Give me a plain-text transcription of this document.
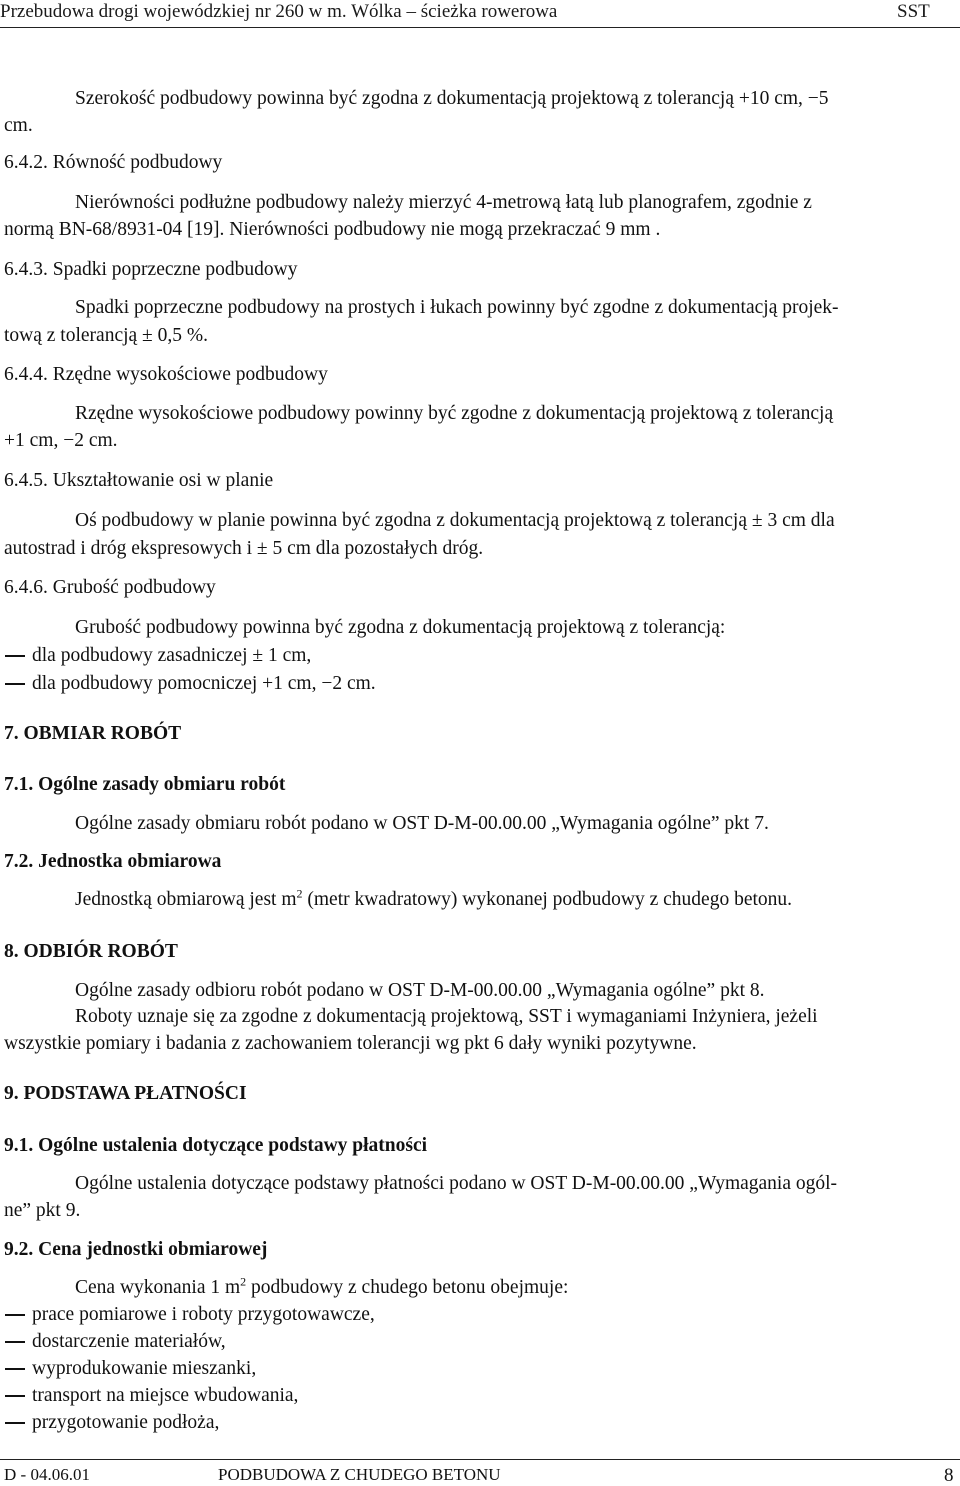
Przebudowa drogi wojewódzkiej nr 260 w m. Wólka – ścieżka rowerowa	SST
Szerokość podbudowy powinna być zgodna z dokumentacją projektową z tolerancją +10 cm, −5
cm.
6.4.2. Równość podbudowy
Nierówności podłużne podbudowy należy mierzyć 4-metrową łatą lub planografem, zgodnie z
normą BN-68/8931-04 [19]. Nierówności podbudowy nie mogą przekraczać 9 mm .
6.4.3. Spadki poprzeczne podbudowy
Spadki poprzeczne podbudowy na prostych i łukach powinny być zgodne z dokumentacją projek-
tową z tolerancją ± 0,5 %.
6.4.4. Rzędne wysokościowe podbudowy
Rzędne wysokościowe podbudowy powinny być zgodne z dokumentacją projektową z tolerancją
+1 cm, −2 cm.
6.4.5. Ukształtowanie osi w planie
Oś podbudowy w planie powinna być zgodna z dokumentacją projektową z tolerancją ± 3 cm dla
autostrad i dróg ekspresowych i ± 5 cm dla pozostałych dróg.
6.4.6. Grubość podbudowy
Grubość podbudowy powinna być zgodna z dokumentacją projektową z tolerancją:
dla podbudowy zasadniczej ± 1 cm,
dla podbudowy pomocniczej +1 cm, −2 cm.
7. OBMIAR ROBÓT
7.1. Ogólne zasady obmiaru robót
Ogólne zasady obmiaru robót podano w OST D-M-00.00.00 „Wymagania ogólne” pkt 7.
7.2. Jednostka obmiarowa
Jednostką obmiarową jest $m^2$ (metr kwadratowy) wykonanej podbudowy z chudego betonu.
8. ODBIÓR ROBÓT
Ogólne zasady odbioru robót podano w OST D-M-00.00.00 „Wymagania ogólne” pkt 8.
Roboty uznaje się za zgodne z dokumentacją projektową, SST i wymaganiami Inżyniera, jeżeli
wszystkie pomiary i badania z zachowaniem tolerancji wg pkt 6 dały wyniki pozytywne.
9. PODSTAWA PŁATNOŚCI
9.1. Ogólne ustalenia dotyczące podstawy płatności
Ogólne ustalenia dotyczące podstawy płatności podano w OST D-M-00.00.00 „Wymagania ogól-
ne” pkt 9.
9.2. Cena jednostki obmiarowej
Cena wykonania 1 $m^2$ podbudowy z chudego betonu obejmuje:
prace pomiarowe i roboty przygotowawcze,
dostarczenie materiałów,
wyprodukowanie mieszanki,
transport na miejsce wbudowania,
przygotowanie podłoża,
D - 04.06.01	PODBUDOWA Z CHUDEGO BETONU	8
